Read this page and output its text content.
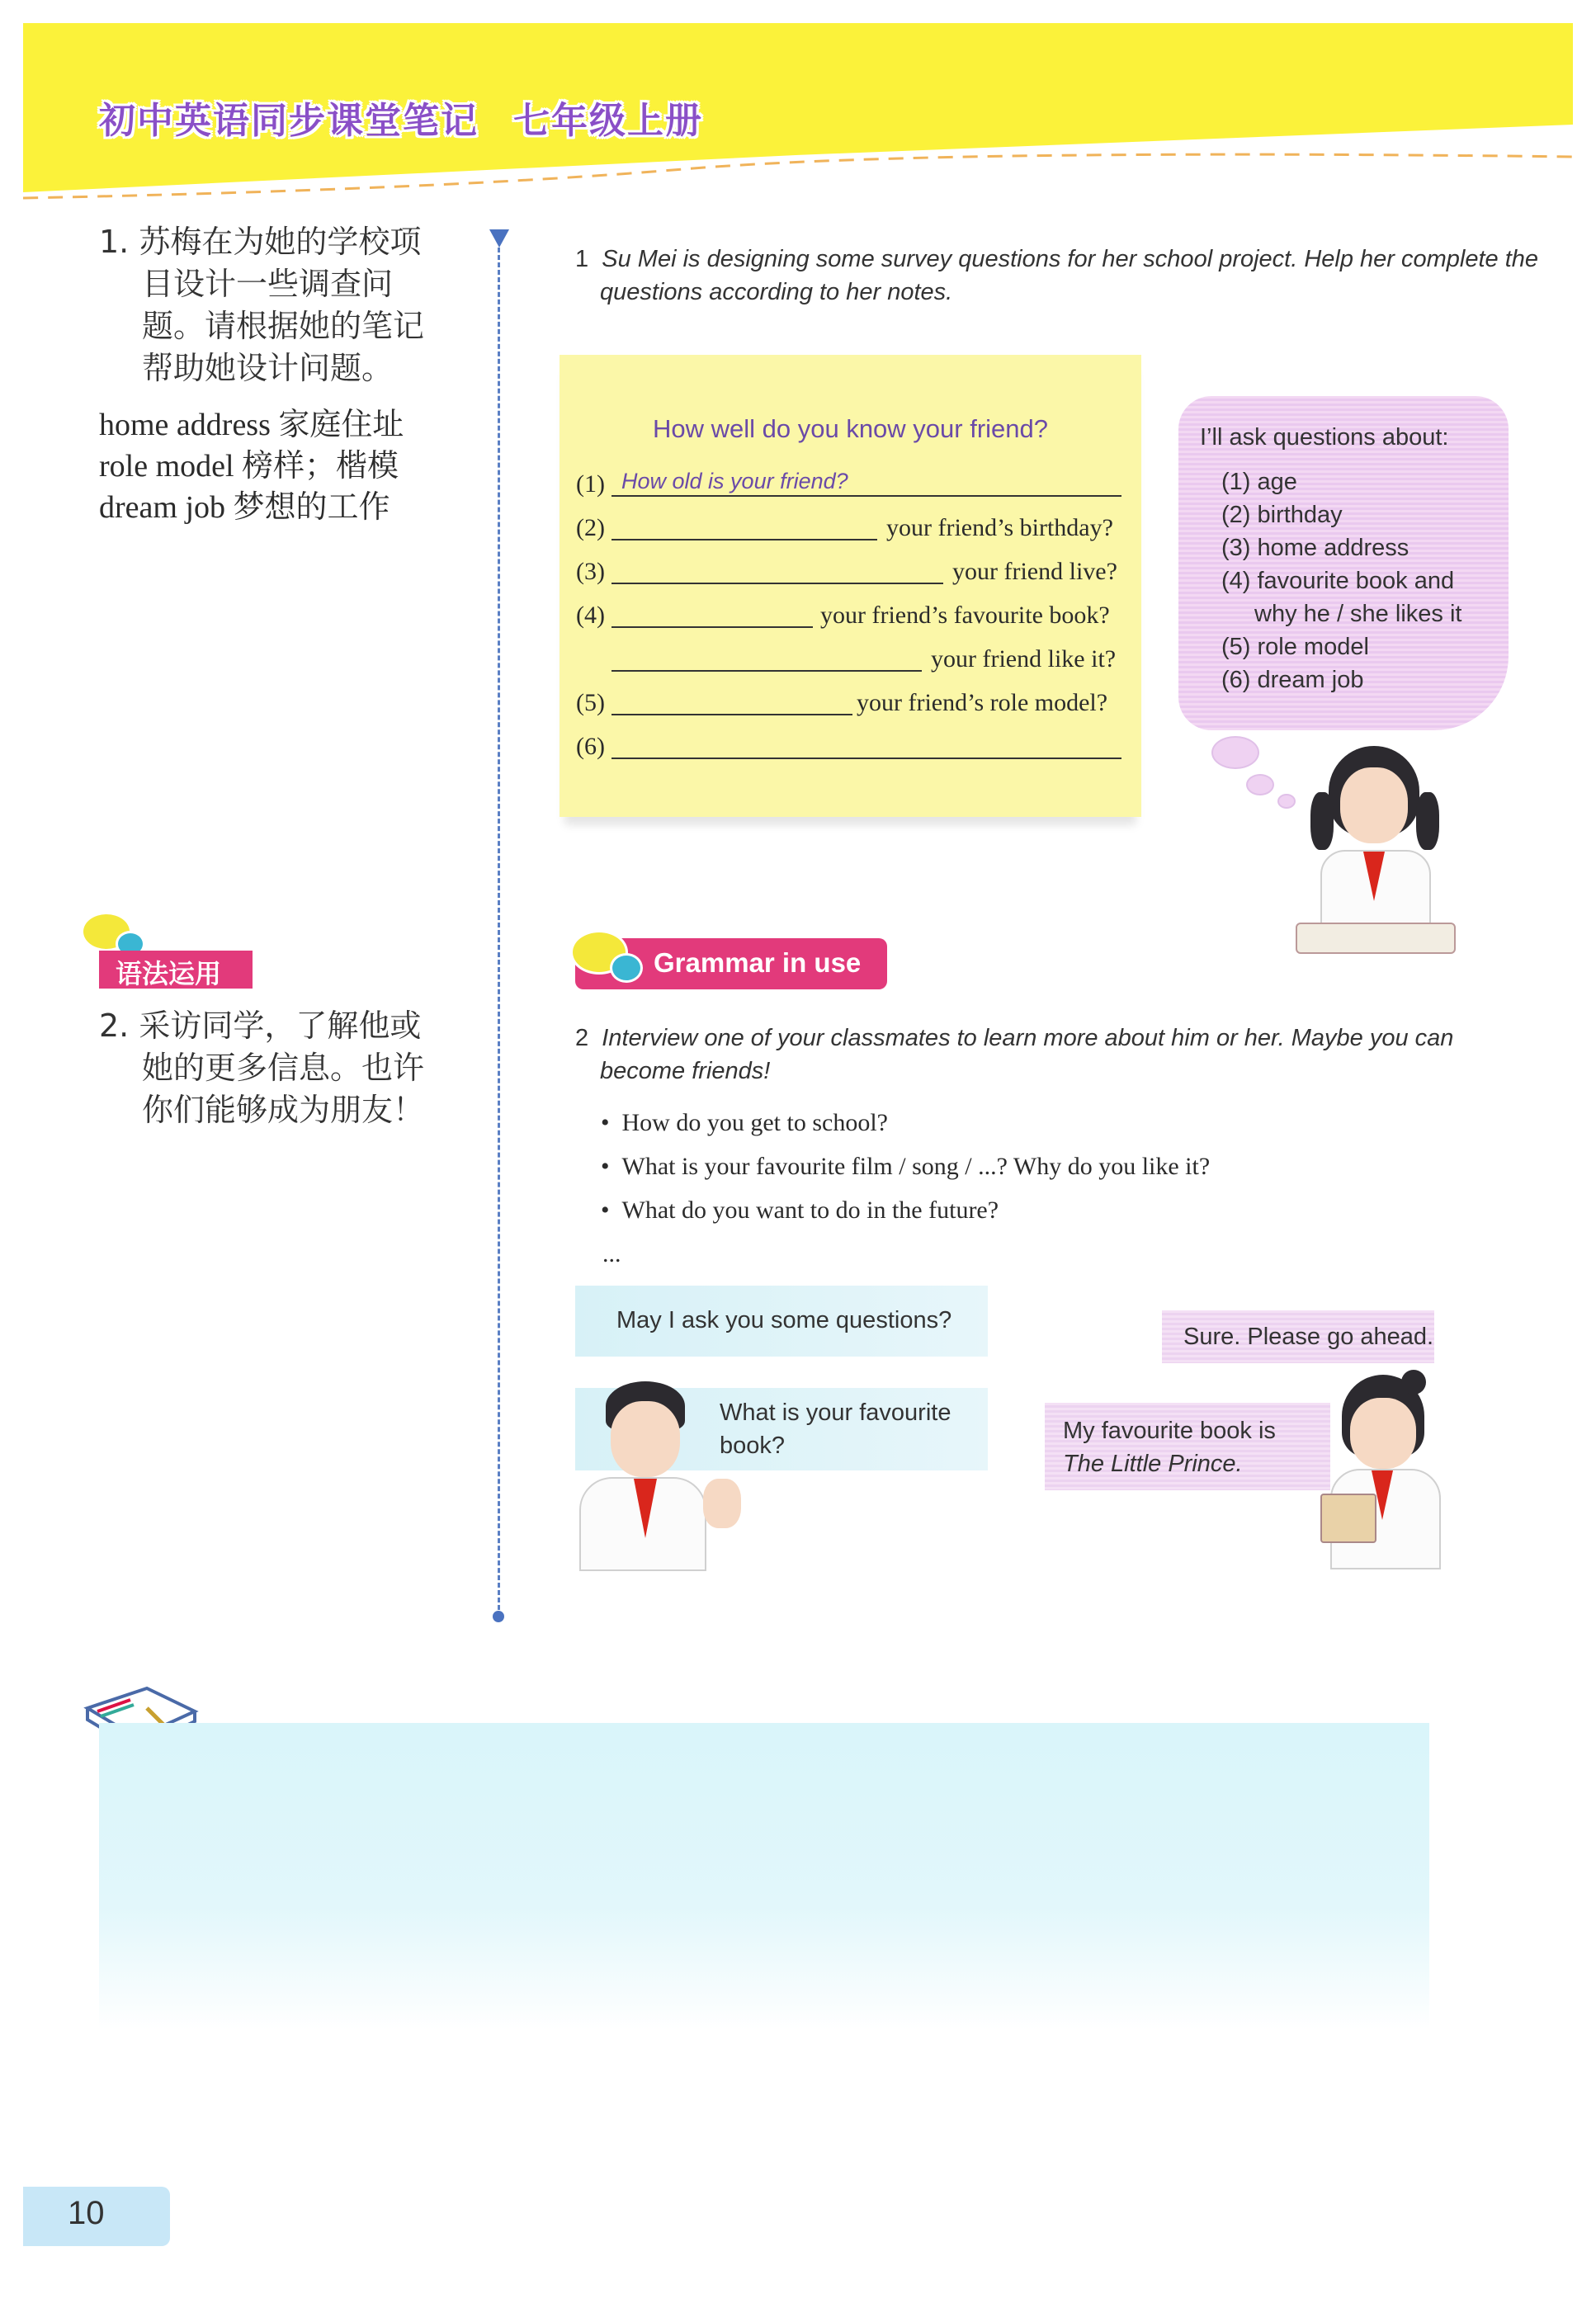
初中英语同步课堂笔记 七年级上册
1. 苏梅在为她的学校项
目设计一些调查问
题。请根据她的笔记
帮助她设计问题。
home address 家庭住址
role model 榜样；楷模
dream job 梦想的工作
语法运用
2. 采访同学，了解他或
她的更多信息。也许
你们能够成为朋友！
1 Su Mei is designing some survey questions for her school project. Help her complete the
questions according to her notes.
How well do you know your friend?
(1) How old is your friend?
(2)	your friend’s birthday?
(3)	your friend live?
(4)	your friend’s favourite book?
your friend like it?
(5)	your friend’s role model?
(6)
I’ll ask questions about:
(1) age
(2) birthday
(3) home address
(4) favourite book and
why he / she likes it
(5) role model
(6) dream job
Grammar in use
2 Interview one of your classmates to learn more about him or her. Maybe you can
become friends!
•  How do you get to school?
•  What is your favourite film / song / ...? Why do you like it?
•  What do you want to do in the future?
...
May I ask you some questions?
What is your favourite
book?
Sure. Please go ahead.
My favourite book is
The Little Prince.
10
